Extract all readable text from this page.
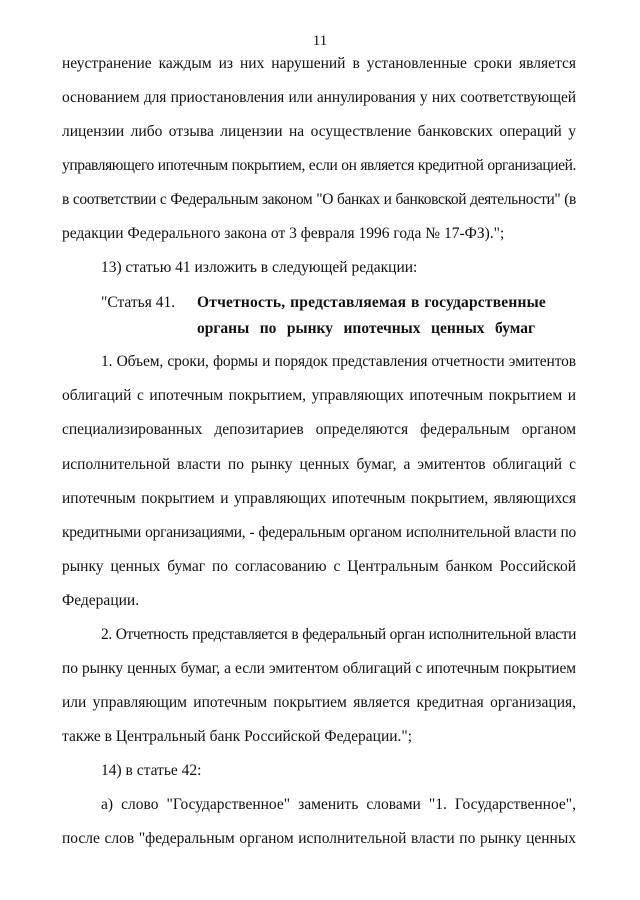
11
неустранение каждым из них нарушений в установленные сроки является
основанием для приостановления или аннулирования у них соответствующей
лицензии либо отзыва лицензии на осуществление банковских операций у
управляющего ипотечным покрытием, если он является кредитной организацией.
в соответствии с Федеральным законом "О банках и банковской деятельности" (в
редакции Федерального закона от 3 февраля 1996 года № 17-ФЗ).";
13) статью 41 изложить в следующей редакции:
"Статья 41. Отчетность, представляемая в государственные
органы по рынку ипотечных ценных бумаг
1. Объем, сроки, формы и порядок представления отчетности эмитентов
облигаций с ипотечным покрытием, управляющих ипотечным покрытием и
специализированных депозитариев определяются федеральным органом
исполнительной власти по рынку ценных бумаг, а эмитентов облигаций с
ипотечным покрытием и управляющих ипотечным покрытием, являющихся
кредитными организациями, - федеральным органом исполнительной власти по
рынку ценных бумаг по согласованию с Центральным банком Российской
Федерации.
2. Отчетность представляется в федеральный орган исполнительной власти
по рынку ценных бумаг, а если эмитентом облигаций с ипотечным покрытием
или управляющим ипотечным покрытием является кредитная организация,
также в Центральный банк Российской Федерации.";
14) в статье 42:
а) слово "Государственное" заменить словами "1. Государственное",
после слов "федеральным органом исполнительной власти по рынку ценных
